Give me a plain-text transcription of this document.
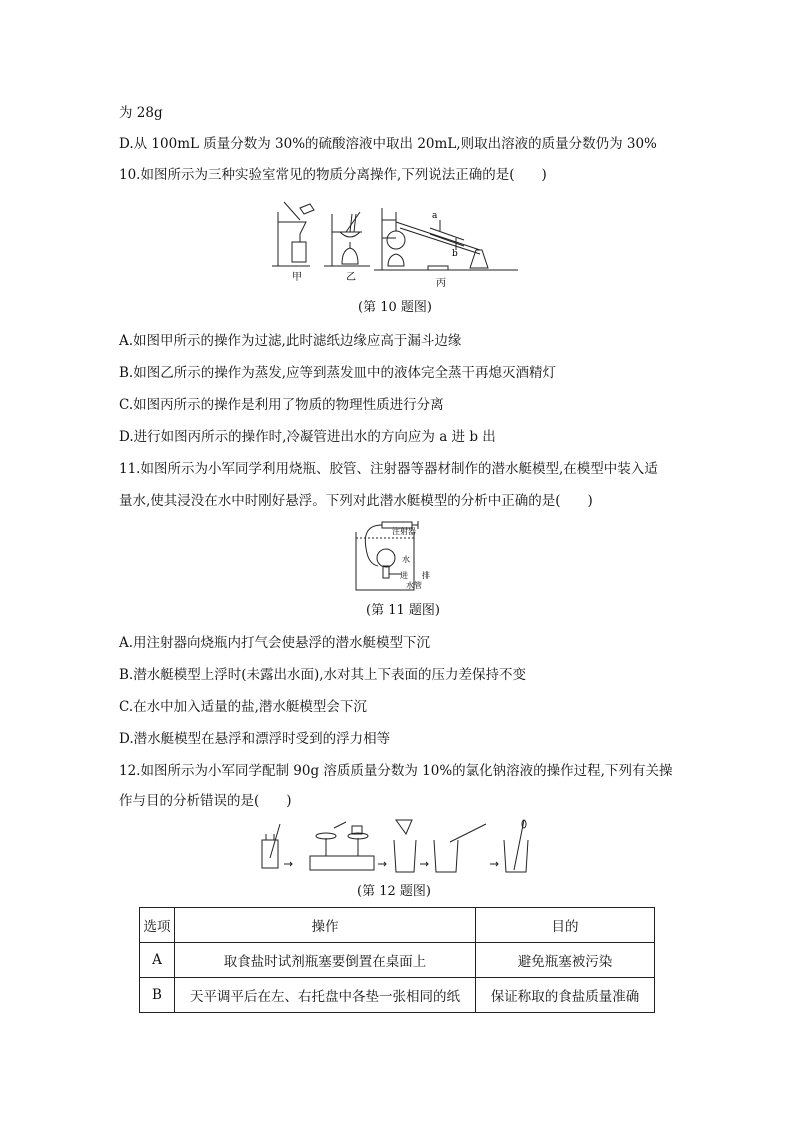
为 28g
D.从 100mL 质量分数为 30%的硫酸溶液中取出 20mL,则取出溶液的质量分数仍为 30%
10.如图所示为三种实验室常见的物质分离操作,下列说法正确的是(　　)
甲	乙
a
b
丙
(第 10 题图)
A.如图甲所示的操作为过滤,此时滤纸边缘应高于漏斗边缘
B.如图乙所示的操作为蒸发,应等到蒸发皿中的液体完全蒸干再熄灭酒精灯
C.如图丙所示的操作是利用了物质的物理性质进行分离
D.进行如图丙所示的操作时,冷凝管进出水的方向应为 a 进 b 出
11.如图所示为小军同学利用烧瓶、胶管、注射器等器材制作的潜水艇模型,在模型中装入适
量水,使其浸没在水中时刚好悬浮。下列对此潜水艇模型的分析中正确的是(　　)
注射器
水
进 排
水管
(第 11 题图)
A.用注射器向烧瓶内打气会使悬浮的潜水艇模型下沉
B.潜水艇模型上浮时(未露出水面),水对其上下表面的压力差保持不变
C.在水中加入适量的盐,潜水艇模型会下沉
D.潜水艇模型在悬浮和漂浮时受到的浮力相等
12.如图所示为小军同学配制 90g 溶质质量分数为 10%的氯化钠溶液的操作过程,下列有关操
作与目的分析错误的是(　　)
(第 12 题图)
选项	操作	目的
A	取食盐时试剂瓶塞要倒置在桌面上	避免瓶塞被污染
B	天平调平后在左、右托盘中各垫一张相同的纸	保证称取的食盐质量准确
